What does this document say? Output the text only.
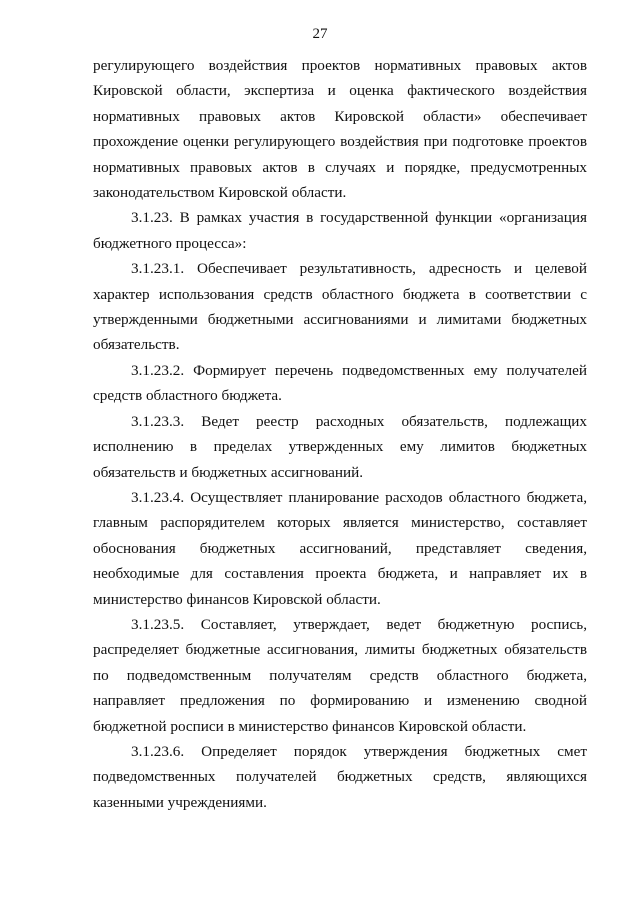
27

регулирующего воздействия проектов нормативных правовых актов Кировской области, экспертиза и оценка фактического воздействия нормативных правовых актов Кировской области» обеспечивает прохождение оценки регулирующего воздействия при подготовке проектов нормативных правовых актов в случаях и порядке, предусмотренных законодательством Кировской области.

3.1.23. В рамках участия в государственной функции «организация бюджетного процесса»:

3.1.23.1. Обеспечивает результативность, адресность и целевой характер использования средств областного бюджета в соответствии с утвержденными бюджетными ассигнованиями и лимитами бюджетных обязательств.

3.1.23.2. Формирует перечень подведомственных ему получателей средств областного бюджета.

3.1.23.3. Ведет реестр расходных обязательств, подлежащих исполнению в пределах утвержденных ему лимитов бюджетных обязательств и бюджетных ассигнований.

3.1.23.4. Осуществляет планирование расходов областного бюджета, главным распорядителем которых является министерство, составляет обоснования бюджетных ассигнований, представляет сведения, необходимые для составления проекта бюджета, и направляет их в министерство финансов Кировской области.

3.1.23.5. Составляет, утверждает, ведет бюджетную роспись, распределяет бюджетные ассигнования, лимиты бюджетных обязательств по подведомственным получателям средств областного бюджета, направляет предложения по формированию и изменению сводной бюджетной росписи в министерство финансов Кировской области.

3.1.23.6. Определяет порядок утверждения бюджетных смет подведомственных получателей бюджетных средств, являющихся казенными учреждениями.
